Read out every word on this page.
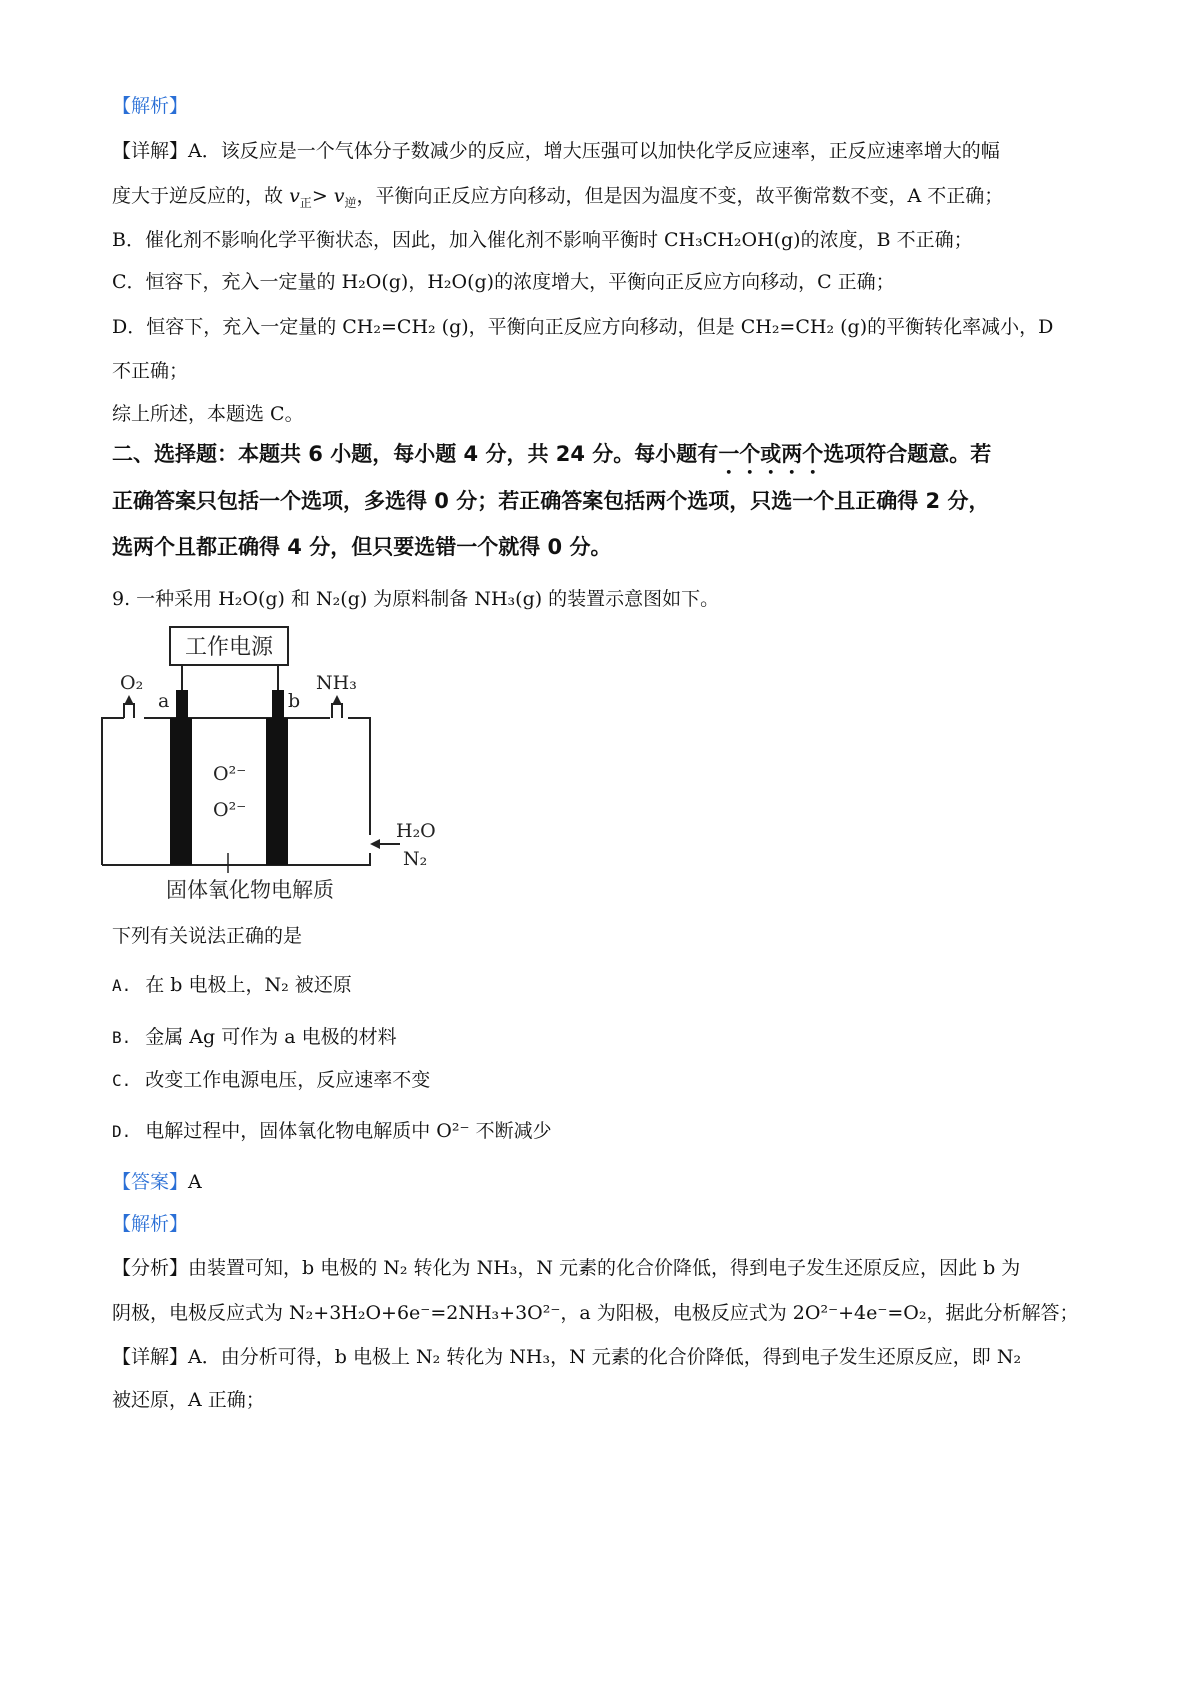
【解析】
【详解】A．该反应是一个气体分子数减少的反应，增大压强可以加快化学反应速率，正反应速率增大的幅
度大于逆反应的，故 $v_正> v_逆$，平衡向正反应方向移动，但是因为温度不变，故平衡常数不变，A 不正确；
B．催化剂不影响化学平衡状态，因此，加入催化剂不影响平衡时 CH₃CH₂OH(g)的浓度，B 不正确；
C．恒容下，充入一定量的 H₂O(g)，H₂O(g)的浓度增大，平衡向正反应方向移动，C 正确；
D．恒容下，充入一定量的 CH₂=CH₂ (g)，平衡向正反应方向移动，但是 CH₂=CH₂ (g)的平衡转化率减小，D
不正确；
综上所述，本题选 C。
二、选择题：本题共 6 小题，每小题 4 分，共 24 分。每小题有一个或两个选项符合题意。若
正确答案只包括一个选项，多选得 0 分；若正确答案包括两个选项，只选一个且正确得 2 分，
选两个且都正确得 4 分，但只要选错一个就得 0 分。
9. 一种采用 H₂O(g) 和 N₂(g) 为原料制备 NH₃(g) 的装置示意图如下。
工作电源
O₂	NH₃
a	b
O²⁻
O²⁻
H₂O
N₂
固体氧化物电解质
下列有关说法正确的是
A. 在 b 电极上，N₂ 被还原
B. 金属 Ag 可作为 a 电极的材料
C. 改变工作电源电压，反应速率不变
D. 电解过程中，固体氧化物电解质中 O²⁻ 不断减少
【答案】A
【解析】
【分析】由装置可知，b 电极的 N₂ 转化为 NH₃，N 元素的化合价降低，得到电子发生还原反应，因此 b 为
阴极，电极反应式为 N₂+3H₂O+6e⁻=2NH₃+3O²⁻，a 为阳极，电极反应式为 2O²⁻+4e⁻=O₂，据此分析解答；
【详解】A．由分析可得，b 电极上 N₂ 转化为 NH₃，N 元素的化合价降低，得到电子发生还原反应，即 N₂
被还原，A 正确；
